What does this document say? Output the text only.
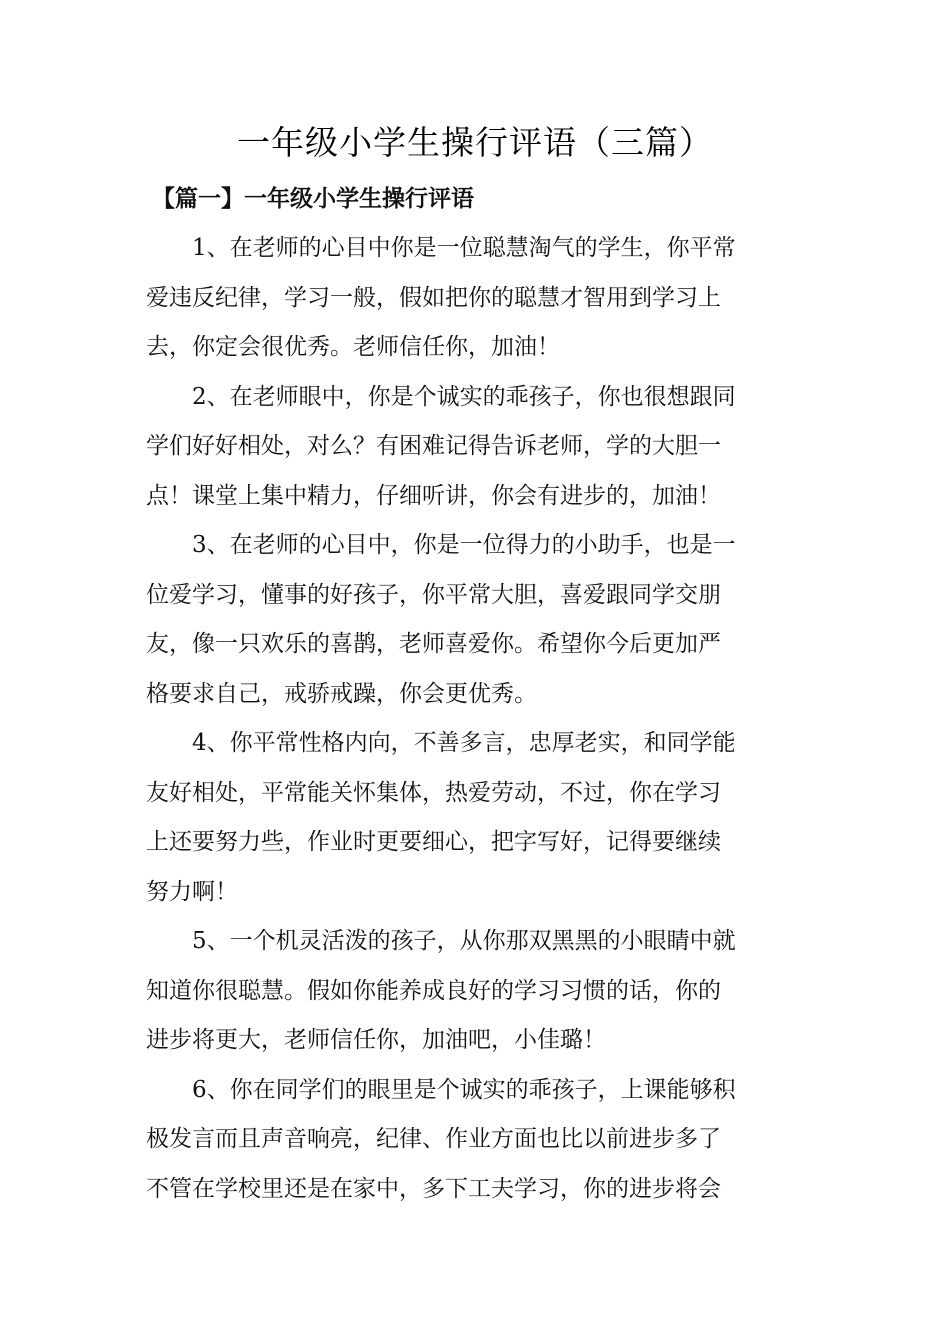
一年级小学生操行评语（三篇）
【篇一】一年级小学生操行评语

1、在老师的心目中你是一位聪慧淘气的学生，你平常
爱违反纪律，学习一般，假如把你的聪慧才智用到学习上
去，你定会很优秀。老师信任你，加油！

2、在老师眼中，你是个诚实的乖孩子，你也很想跟同
学们好好相处，对么？有困难记得告诉老师，学的大胆一
点！课堂上集中精力，仔细听讲，你会有进步的，加油！

3、在老师的心目中，你是一位得力的小助手，也是一
位爱学习，懂事的好孩子，你平常大胆，喜爱跟同学交朋
友，像一只欢乐的喜鹊，老师喜爱你。希望你今后更加严
格要求自己，戒骄戒躁，你会更优秀。

4、你平常性格内向，不善多言，忠厚老实，和同学能
友好相处，平常能关怀集体，热爱劳动，不过，你在学习
上还要努力些，作业时更要细心，把字写好，记得要继续
努力啊！

5、一个机灵活泼的孩子，从你那双黑黑的小眼睛中就
知道你很聪慧。假如你能养成良好的学习习惯的话，你的
进步将更大，老师信任你，加油吧，小佳璐！

6、你在同学们的眼里是个诚实的乖孩子，上课能够积
极发言而且声音响亮，纪律、作业方面也比以前进步多了
不管在学校里还是在家中，多下工夫学习，你的进步将会
